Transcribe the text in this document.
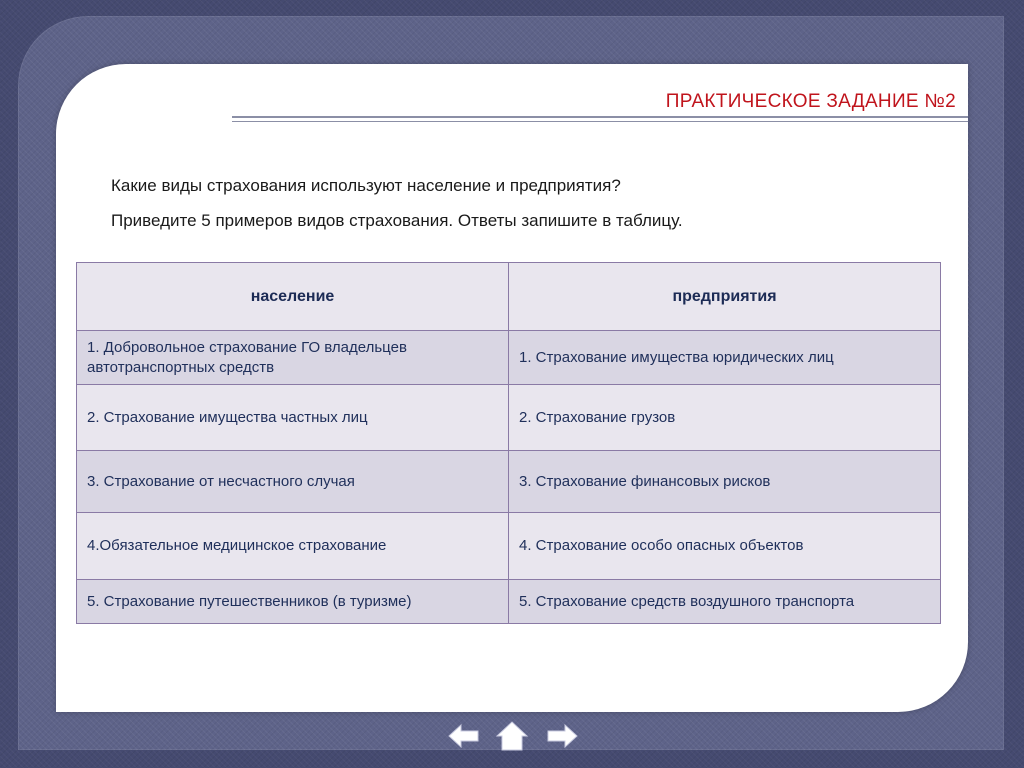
ПРАКТИЧЕСКОЕ ЗАДАНИЕ №2
Какие виды страхования используют население и предприятия?
Приведите 5 примеров видов страхования. Ответы запишите в таблицу.
население	предприятия
1. Добровольное страхование ГО владельцев автотранспортных средств	1. Страхование имущества юридических лиц
2. Страхование имущества частных лиц	2. Страхование грузов
3. Страхование от несчастного случая	3. Страхование финансовых рисков
4.Обязательное медицинское страхование	4. Страхование особо опасных объектов
5. Страхование путешественников (в туризме)	5. Страхование средств воздушного транспорта
